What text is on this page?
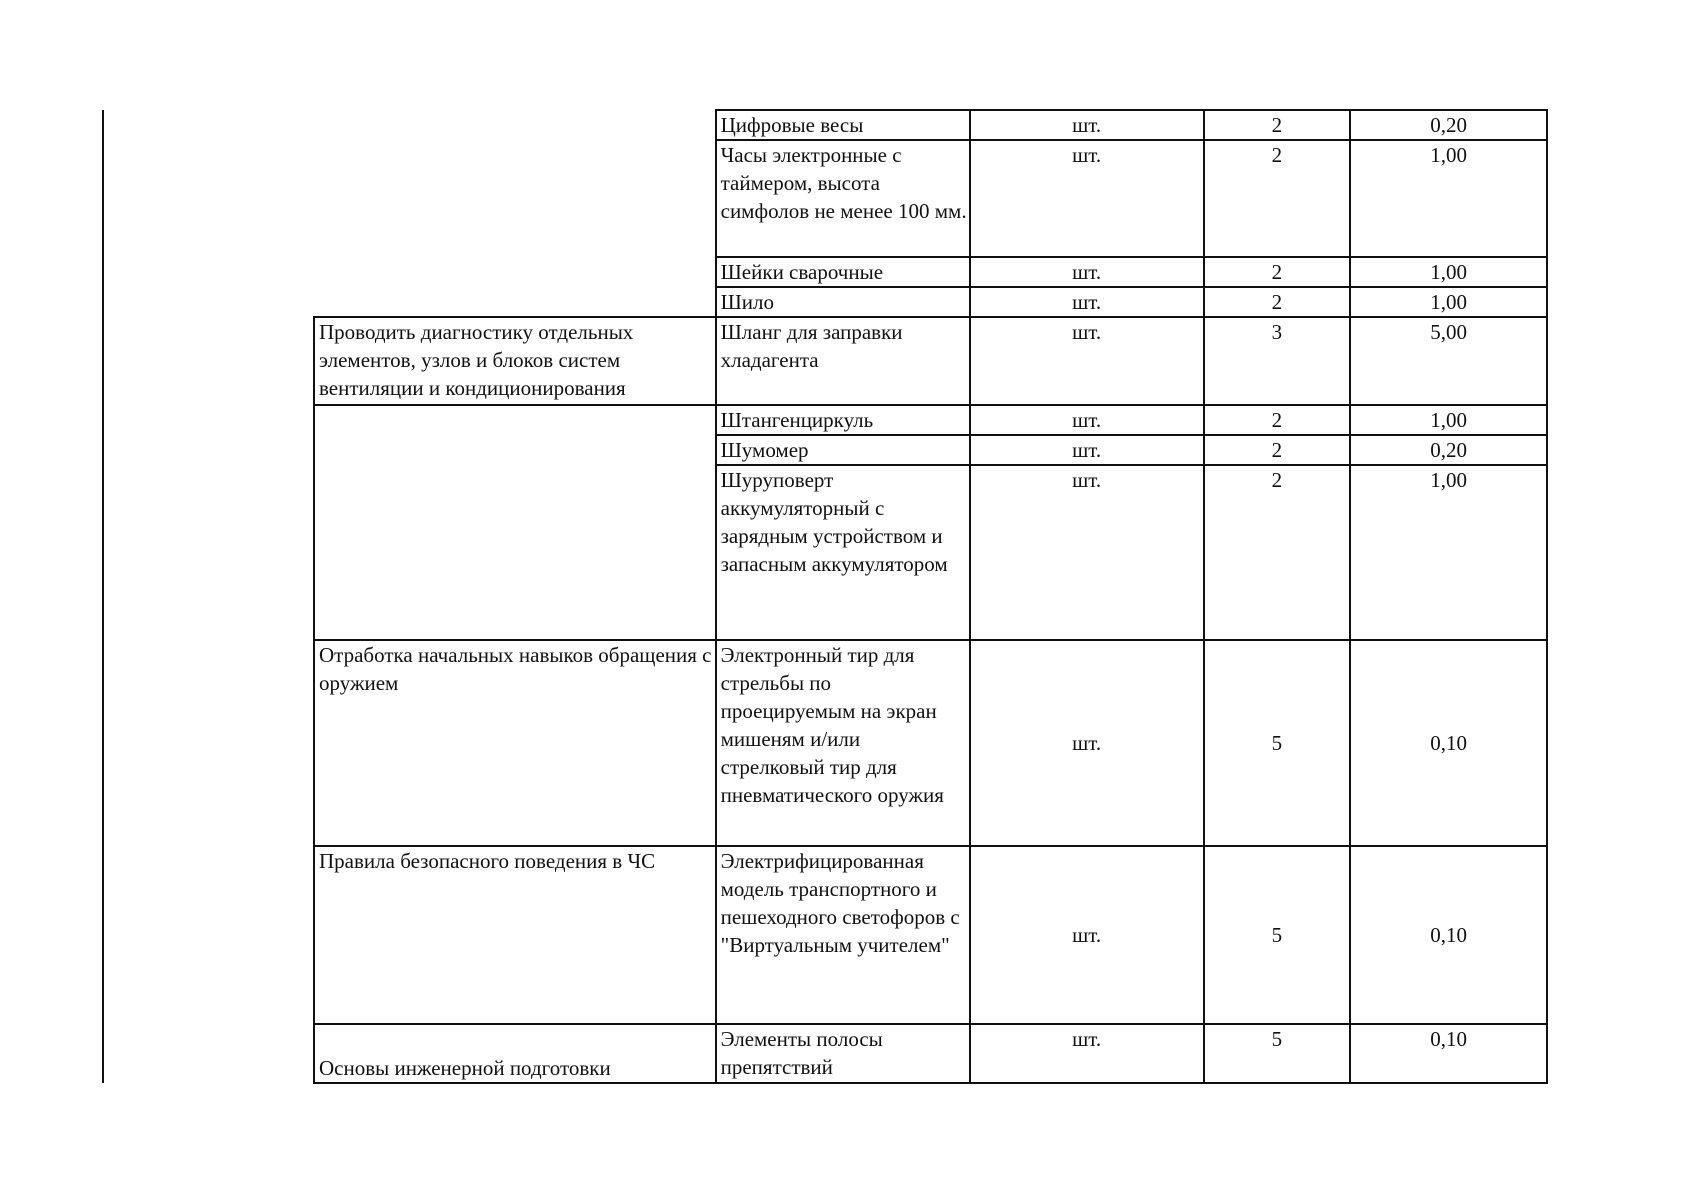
	Цифровые весы	шт.	2	0,20

	Часы электронные с таймером, высота симфолов не менее 100 мм.	шт.	2	1,00

	Шейки сварочные	шт.	2	1,00

	Шило	шт.	2	1,00

Проводить диагностику отдельных элементов, узлов и блоков систем вентиляции и кондиционирования	Шланг для заправки хладагента	шт.	3	5,00

	Штангенциркуль	шт.	2	1,00

	Шумомер	шт.	2	0,20

	Шуруповерт аккумуляторный с зарядным устройством и запасным аккумулятором	шт.	2	1,00

Отработка начальных навыков обращения с оружием	Электронный тир для стрельбы по проецируемым на экран мишеням и/или стрелковый тир для пневматического оружия	шт.	5	0,10

Правила безопасного поведения в ЧС	Электрифицированная модель транспортного и пешеходного светофоров с "Виртуальным учителем"	шт.	5	0,10

Основы инженерной подготовки	Элементы полосы препятствий	шт.	5	0,10
